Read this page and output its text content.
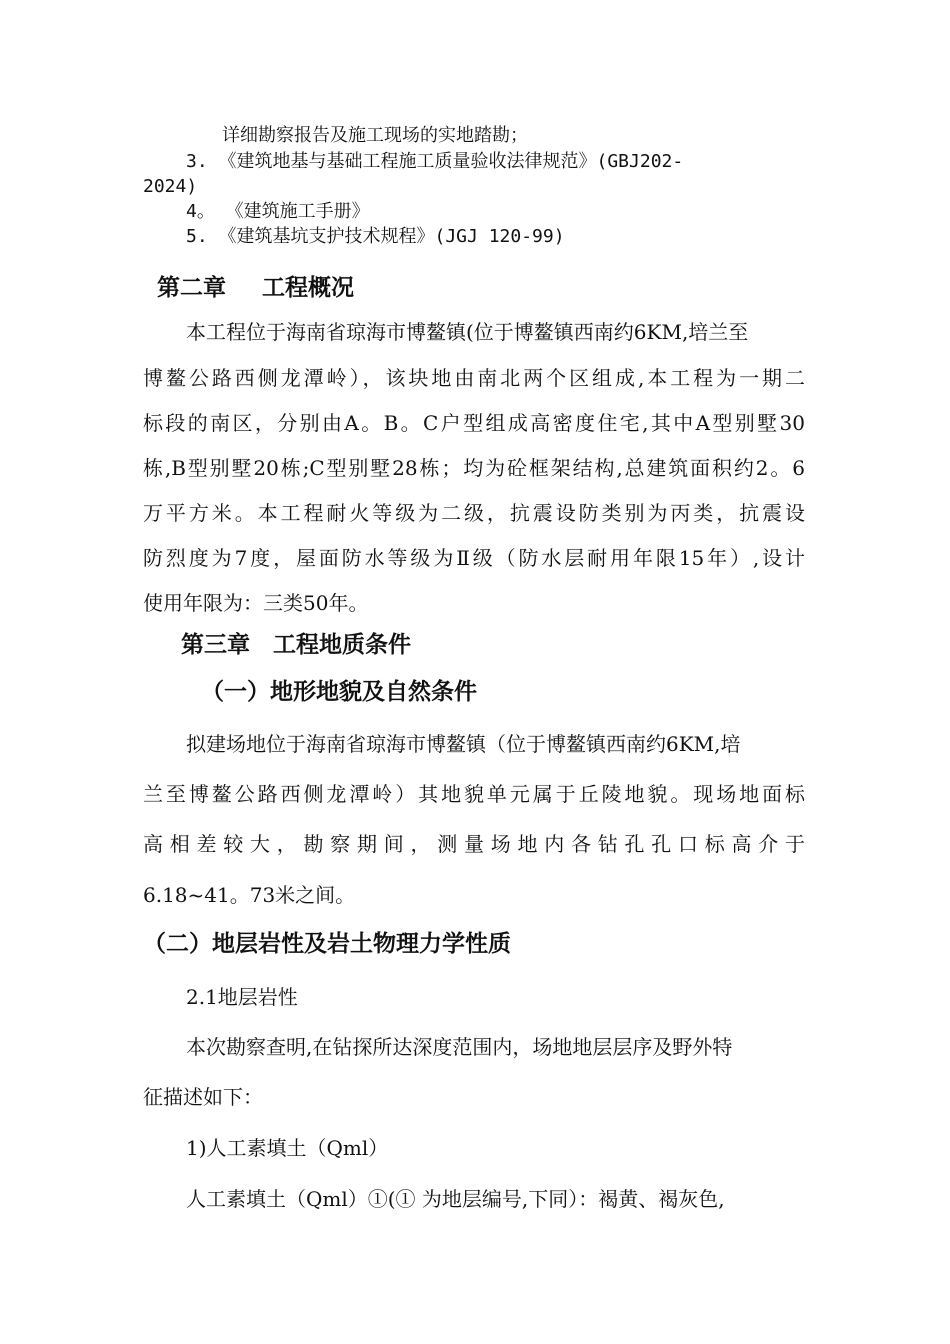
详细勘察报告及施工现场的实地踏勘；
3. 《建筑地基与基础工程施工质量验收法律规范》(GBJ202-
2024)
4。 《建筑施工手册》
5. 《建筑基坑支护技术规程》(JGJ 120-99)
第二章 工程概况
本工程位于海南省琼海市博鳌镇(位于博鳌镇西南约6KM,培兰至
博鳌公路西侧龙潭岭），该块地由南北两个区组成,本工程为一期二
标段的南区，分别由A。B。C户型组成高密度住宅,其中A型别墅30
栋,B型别墅20栋;C型别墅28栋；均为砼框架结构,总建筑面积约2。6
万平方米。本工程耐火等级为二级，抗震设防类别为丙类，抗震设
防烈度为7度，屋面防水等级为Ⅱ级（防水层耐用年限15年）,设计
使用年限为：三类50年。
第三章　工程地质条件
（一）地形地貌及自然条件
拟建场地位于海南省琼海市博鳌镇（位于博鳌镇西南约6KM,培
兰至博鳌公路西侧龙潭岭）其地貌单元属于丘陵地貌。现场地面标
高相差较大，勘察期间，测量场地内各钻孔孔口标高介于
6.18~41。73米之间。
（二）地层岩性及岩土物理力学性质
2.1地层岩性
本次勘察查明,在钻探所达深度范围内，场地地层层序及野外特
征描述如下：
1)人工素填土（Qml）
人工素填土（Qml）①(① 为地层编号,下同）：褐黄、褐灰色,
